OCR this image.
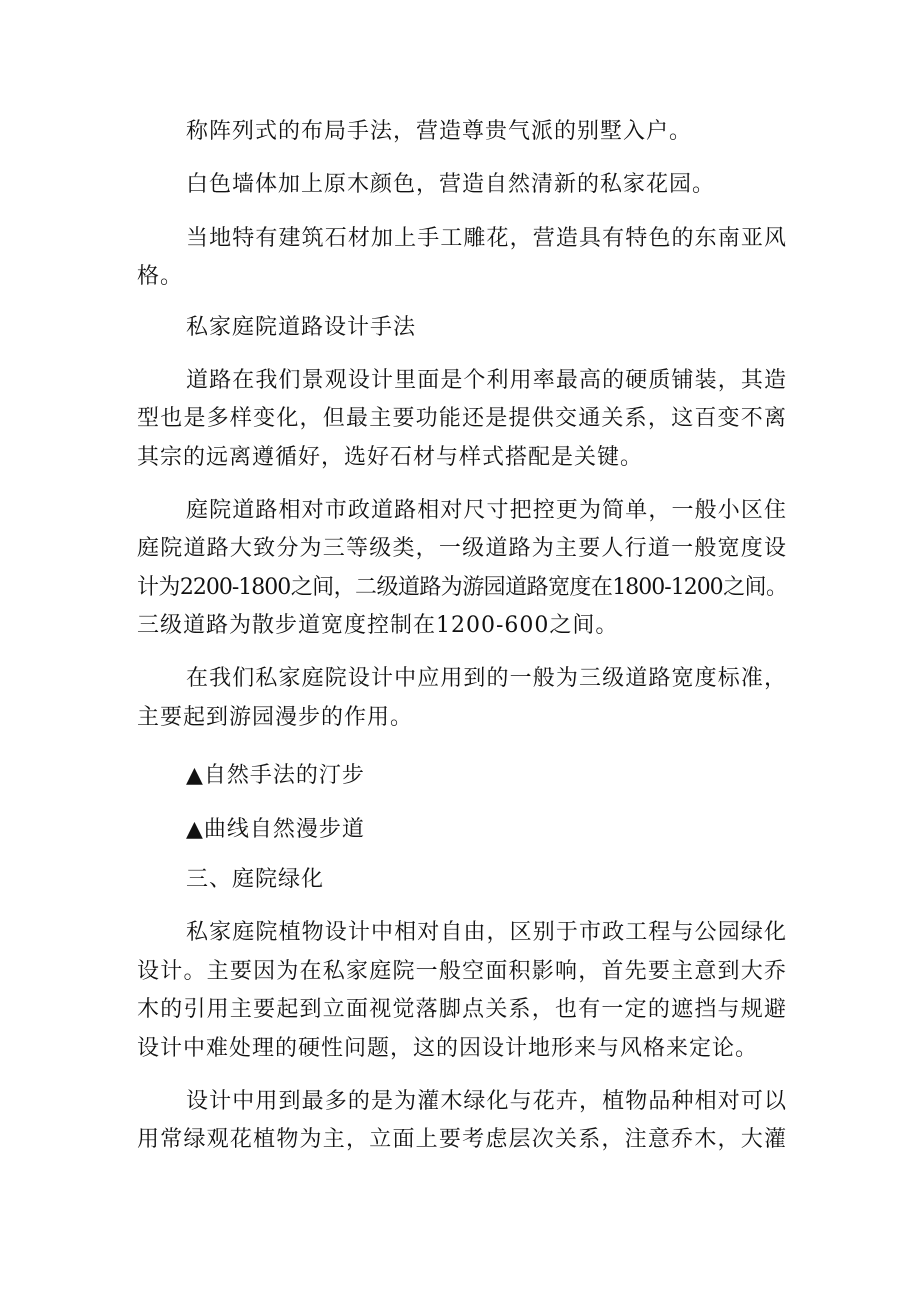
称阵列式的布局手法，营造尊贵气派的别墅入户。
白色墙体加上原木颜色，营造自然清新的私家花园。
当地特有建筑石材加上手工雕花，营造具有特色的东南亚风
格。
私家庭院道路设计手法
道路在我们景观设计里面是个利用率最高的硬质铺装，其造
型也是多样变化，但最主要功能还是提供交通关系，这百变不离
其宗的远离遵循好，选好石材与样式搭配是关键。
庭院道路相对市政道路相对尺寸把控更为简单，一般小区住
庭院道路大致分为三等级类，一级道路为主要人行道一般宽度设
计为2200-1800之间，二级道路为游园道路宽度在1800-1200之间。
三级道路为散步道宽度控制在1200-600之间。
在我们私家庭院设计中应用到的一般为三级道路宽度标准，
主要起到游园漫步的作用。
▲自然手法的汀步
▲曲线自然漫步道
三、庭院绿化
私家庭院植物设计中相对自由，区别于市政工程与公园绿化
设计。主要因为在私家庭院一般空面积影响，首先要主意到大乔
木的引用主要起到立面视觉落脚点关系，也有一定的遮挡与规避
设计中难处理的硬性问题，这的因设计地形来与风格来定论。
设计中用到最多的是为灌木绿化与花卉，植物品种相对可以
用常绿观花植物为主，立面上要考虑层次关系，注意乔木，大灌
